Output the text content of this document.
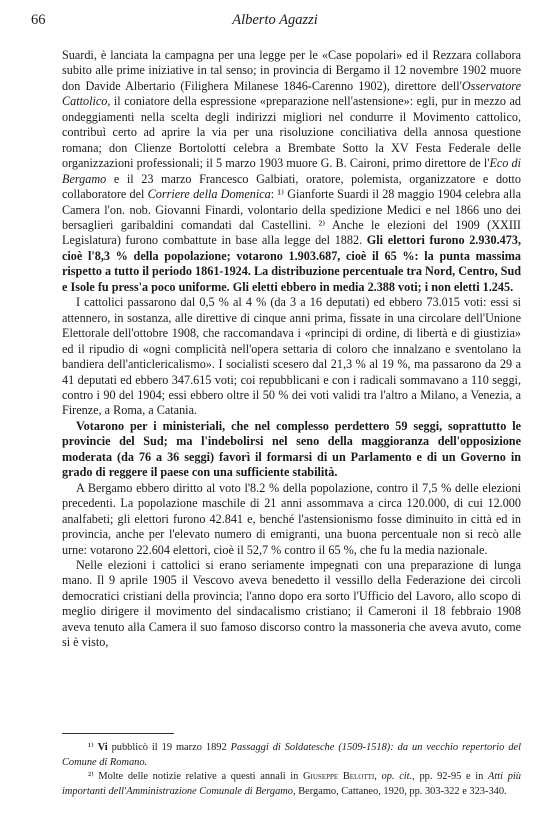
66	Alberto Agazzi

Suardi, è lanciata la campagna per una legge per le «Case popolari» ed il Rezzara collabora subito alle prime iniziative in tal senso; in provincia di Bergamo il 12 novembre 1902 muore don Davide Albertario (Filighera Milanese 1846-Carenno 1902), direttore dell'Osservatore Cattolico, il coniatore della espressione «preparazione nell'astensione»: egli, pur in mezzo ad ondeggiamenti nella scelta degli indirizzi migliori nel condurre il Movimento cattolico, contribuì certo ad aprire la via per una risoluzione conciliativa della annosa questione romana; don Clienze Bortolotti celebra a Brembate Sotto la XV Festa Federale delle organizzazioni professionali; il 5 marzo 1903 muore G. B. Caironi, primo direttore de l'Eco di Bergamo e il 23 marzo Francesco Galbiati, oratore, polemista, organizzatore e dotto collaboratore del Corriere della Domenica: ¹⁾ Gianforte Suardi il 28 maggio 1904 celebra alla Camera l'on. nob. Giovanni Finardi, volontario della spedizione Medici e nel 1866 uno dei bersaglieri garibaldini comandati dal Castellini. ²⁾ Anche le elezioni del 1909 (XXIII Legislatura) furono combattute in base alla legge del 1882. Gli elettori furono 2.930.473, cioè l'8,3 % della popolazione; votarono 1.903.687, cioè il 65 %: la punta massima rispetto a tutto il periodo 1861-1924. La distribuzione percentuale tra Nord, Centro, Sud e Isole fu press'a poco uniforme. Gli eletti ebbero in media 2.388 voti; i non eletti 1.245.

I cattolici passarono dal 0,5 % al 4 % (da 3 a 16 deputati) ed ebbero 73.015 voti: essi si attennero, in sostanza, alle direttive di cinque anni prima, fissate in una circolare dell'Unione Elettorale dell'ottobre 1908, che raccomandava i «principi di ordine, di libertà e di giustizia» ed il ripudio di «ogni complicità nell'opera settaria di coloro che innalzano e sventolano la bandiera dell'anticlericalismo». I socialisti scesero dal 21,3 % al 19 %, ma passarono da 29 a 41 deputati ed ebbero 347.615 voti; coi repubblicani e con i radicali sommavano a 110 seggi, contro i 90 del 1904; essi ebbero oltre il 50 % dei voti validi tra l'altro a Milano, a Venezia, a Firenze, a Roma, a Catania.

Votarono per i ministeriali, che nel complesso perdettero 59 seggi, soprattutto le provincie del Sud; ma l'indebolirsi nel seno della maggioranza dell'opposizione moderata (da 76 a 36 seggi) favorì il formarsi di un Parlamento e di un Governo in grado di reggere il paese con una sufficiente stabilità.

A Bergamo ebbero diritto al voto l'8.2 % della popolazione, contro il 7,5 % delle elezioni precedenti. La popolazione maschile di 21 anni assommava a circa 120.000, di cui 12.000 analfabeti; gli elettori furono 42.841 e, benché l'astensionismo fosse diminuito in città ed in provincia, anche per l'elevato numero di emigranti, una buona percentuale non si recò alle urne: votarono 22.604 elettori, cioè il 52,7 % contro il 65 %, che fu la media nazionale.

Nelle elezioni i cattolici si erano seriamente impegnati con una preparazione di lunga mano. Il 9 aprile 1905 il Vescovo aveva benedetto il vessillo della Federazione dei circoli democratici cristiani della provincia; l'anno dopo era sorto l'Ufficio del Lavoro, allo scopo di meglio dirigere il movimento del sindacalismo cristiano; il Cameroni il 18 febbraio 1908 aveva tenuto alla Camera il suo famoso discorso contro la massoneria che aveva avuto, come si è visto,

¹⁾ Vi pubblicò il 19 marzo 1892 Passaggi di Soldatesche (1509-1518): da un vecchio repertorio del Comune di Romano.

²⁾ Molte delle notizie relative a questi annali in Giuseppe Belotti, op. cit., pp. 92-95 e in Atti più importanti dell'Amministrazione Comunale di Bergamo, Bergamo, Cattaneo, 1920, pp. 303-322 e 323-340.
